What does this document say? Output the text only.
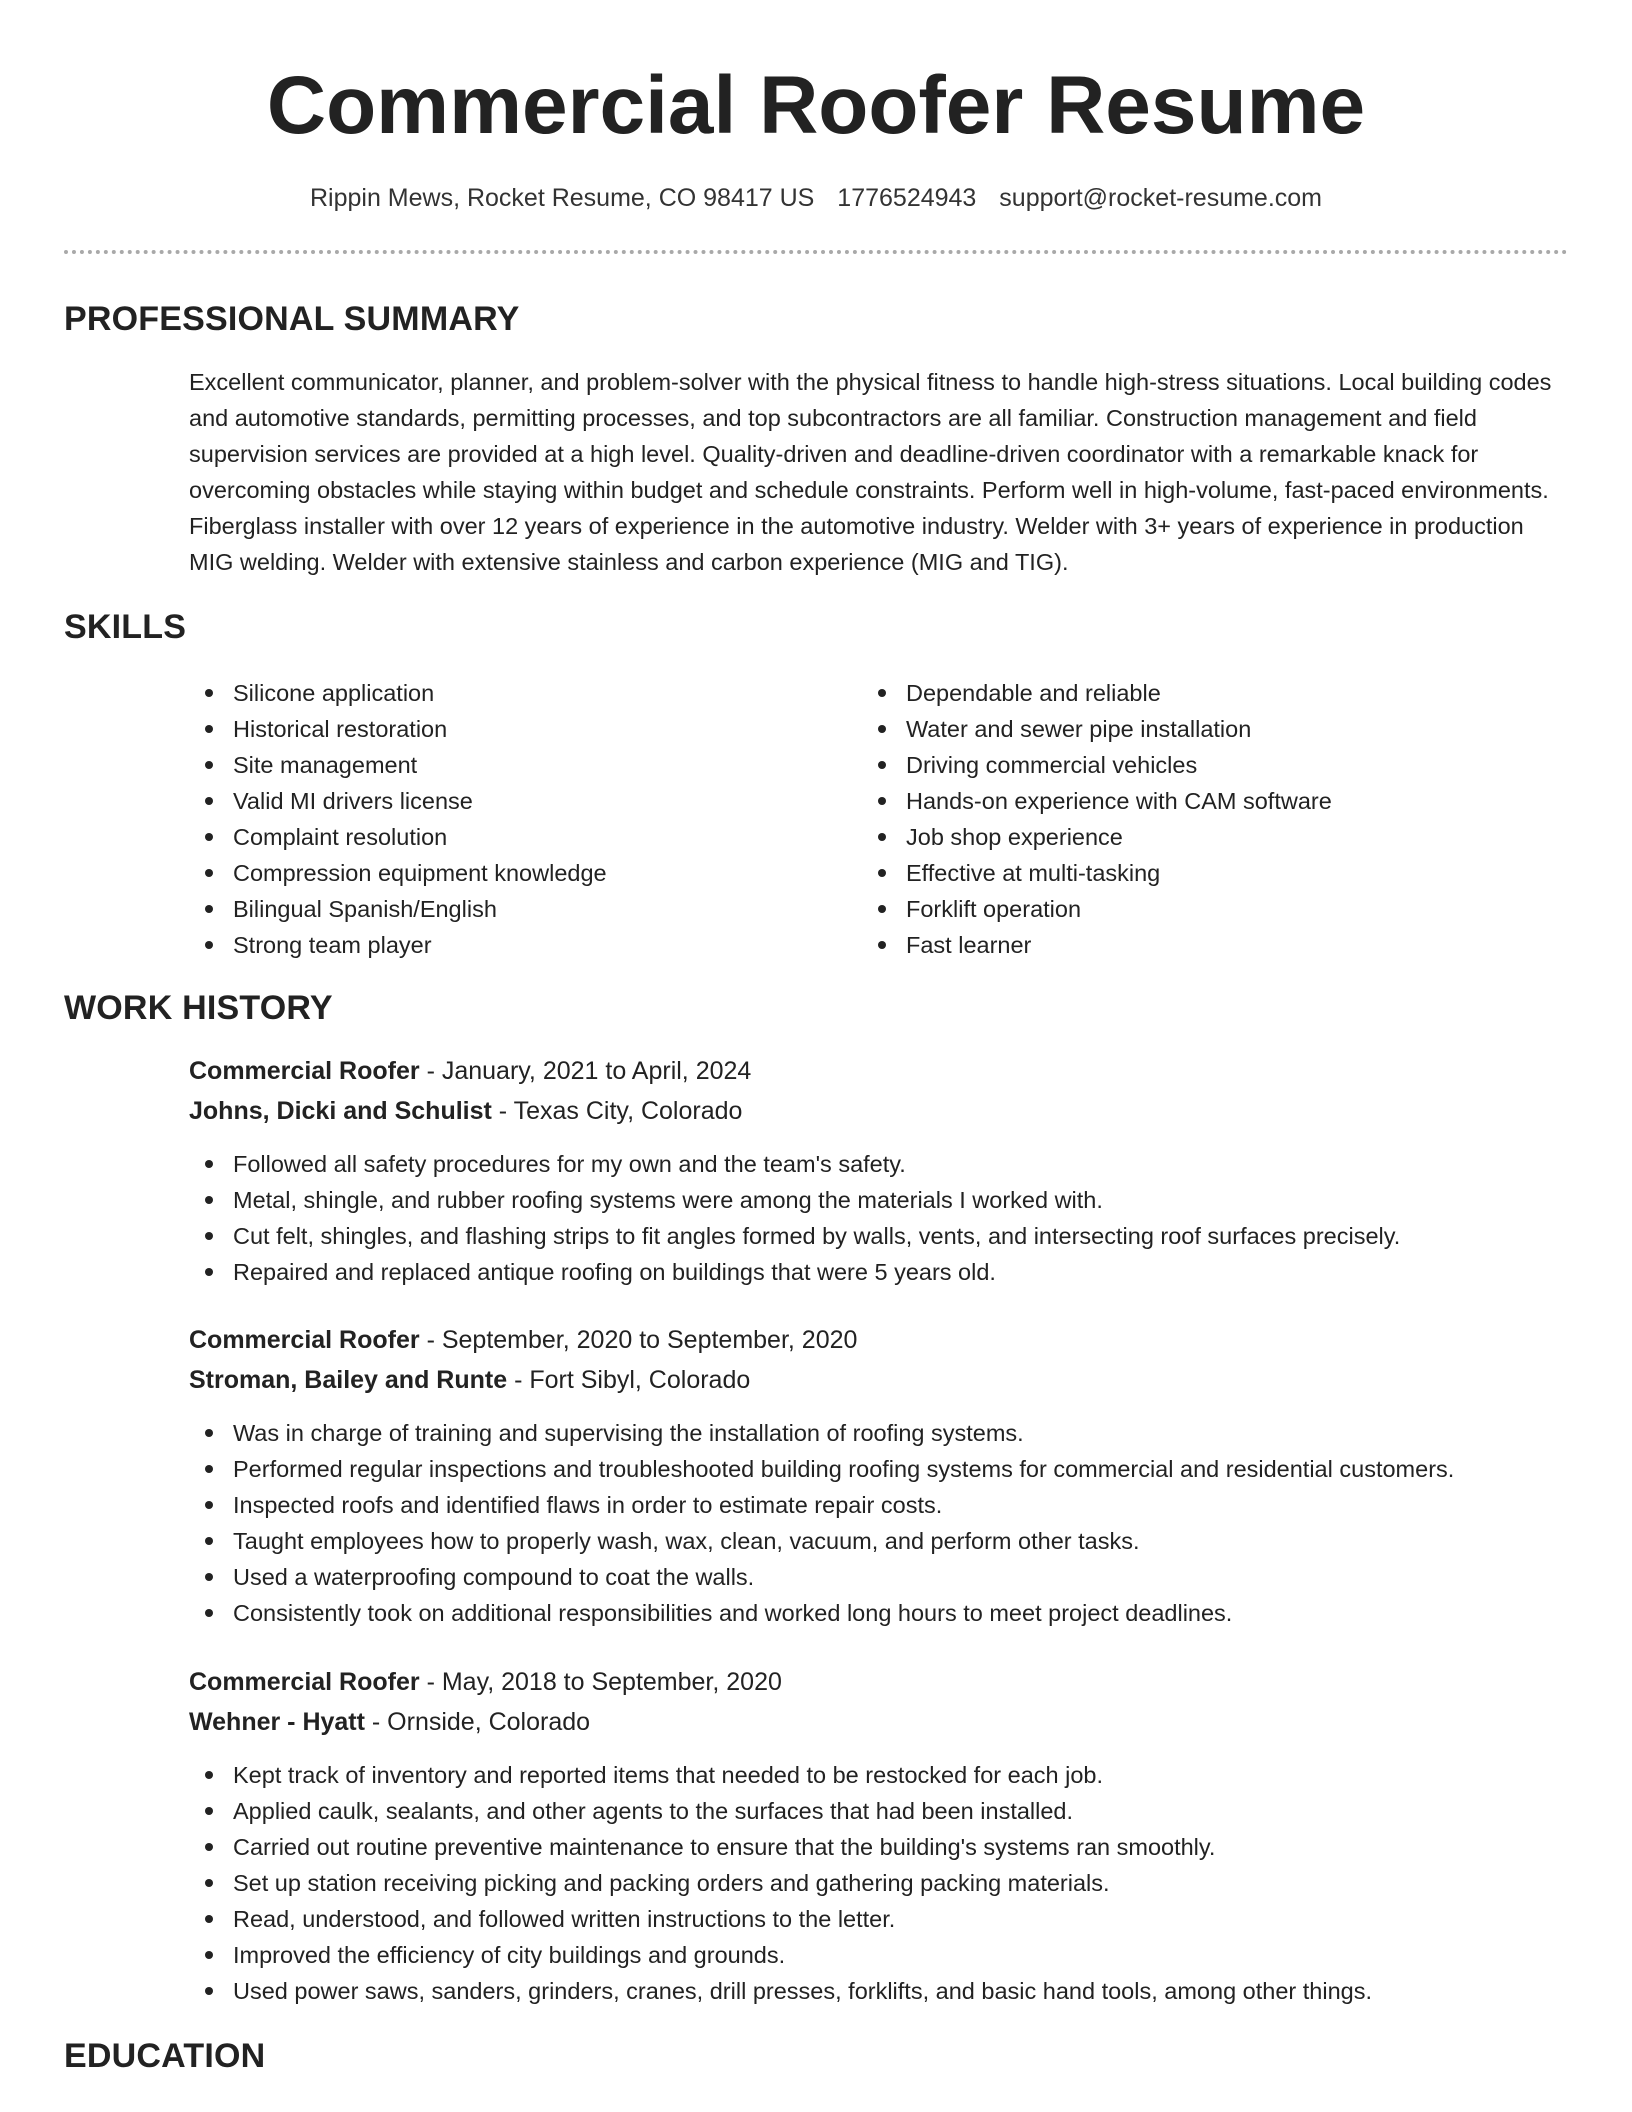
Commercial Roofer Resume
Rippin Mews, Rocket Resume, CO 98417 US 1776524943 support@rocket-resume.com
PROFESSIONAL SUMMARY

Excellent communicator, planner, and problem-solver with the physical fitness to handle high-stress situations. Local building codes and automotive standards, permitting processes, and top subcontractors are all familiar. Construction management and field supervision services are provided at a high level. Quality-driven and deadline-driven coordinator with a remarkable knack for overcoming obstacles while staying within budget and schedule constraints. Perform well in high-volume, fast-paced environments. Fiberglass installer with over 12 years of experience in the automotive industry. Welder with 3+ years of experience in production MIG welding. Welder with extensive stainless and carbon experience (MIG and TIG).

SKILLS
Silicone application
Historical restoration
Site management
Valid MI drivers license
Complaint resolution
Compression equipment knowledge
Bilingual Spanish/English
Strong team player
Dependable and reliable
Water and sewer pipe installation
Driving commercial vehicles
Hands-on experience with CAM software
Job shop experience
Effective at multi-tasking
Forklift operation
Fast learner
WORK HISTORY
Commercial Roofer - January, 2021 to April, 2024
Johns, Dicki and Schulist - Texas City, Colorado
Followed all safety procedures for my own and the team's safety.
Metal, shingle, and rubber roofing systems were among the materials I worked with.
Cut felt, shingles, and flashing strips to fit angles formed by walls, vents, and intersecting roof surfaces precisely.
Repaired and replaced antique roofing on buildings that were 5 years old.
Commercial Roofer - September, 2020 to September, 2020
Stroman, Bailey and Runte - Fort Sibyl, Colorado
Was in charge of training and supervising the installation of roofing systems.
Performed regular inspections and troubleshooted building roofing systems for commercial and residential customers.
Inspected roofs and identified flaws in order to estimate repair costs.
Taught employees how to properly wash, wax, clean, vacuum, and perform other tasks.
Used a waterproofing compound to coat the walls.
Consistently took on additional responsibilities and worked long hours to meet project deadlines.
Commercial Roofer - May, 2018 to September, 2020
Wehner - Hyatt - Ornside, Colorado
Kept track of inventory and reported items that needed to be restocked for each job.
Applied caulk, sealants, and other agents to the surfaces that had been installed.
Carried out routine preventive maintenance to ensure that the building's systems ran smoothly.
Set up station receiving picking and packing orders and gathering packing materials.
Read, understood, and followed written instructions to the letter.
Improved the efficiency of city buildings and grounds.
Used power saws, sanders, grinders, cranes, drill presses, forklifts, and basic hand tools, among other things.
EDUCATION
